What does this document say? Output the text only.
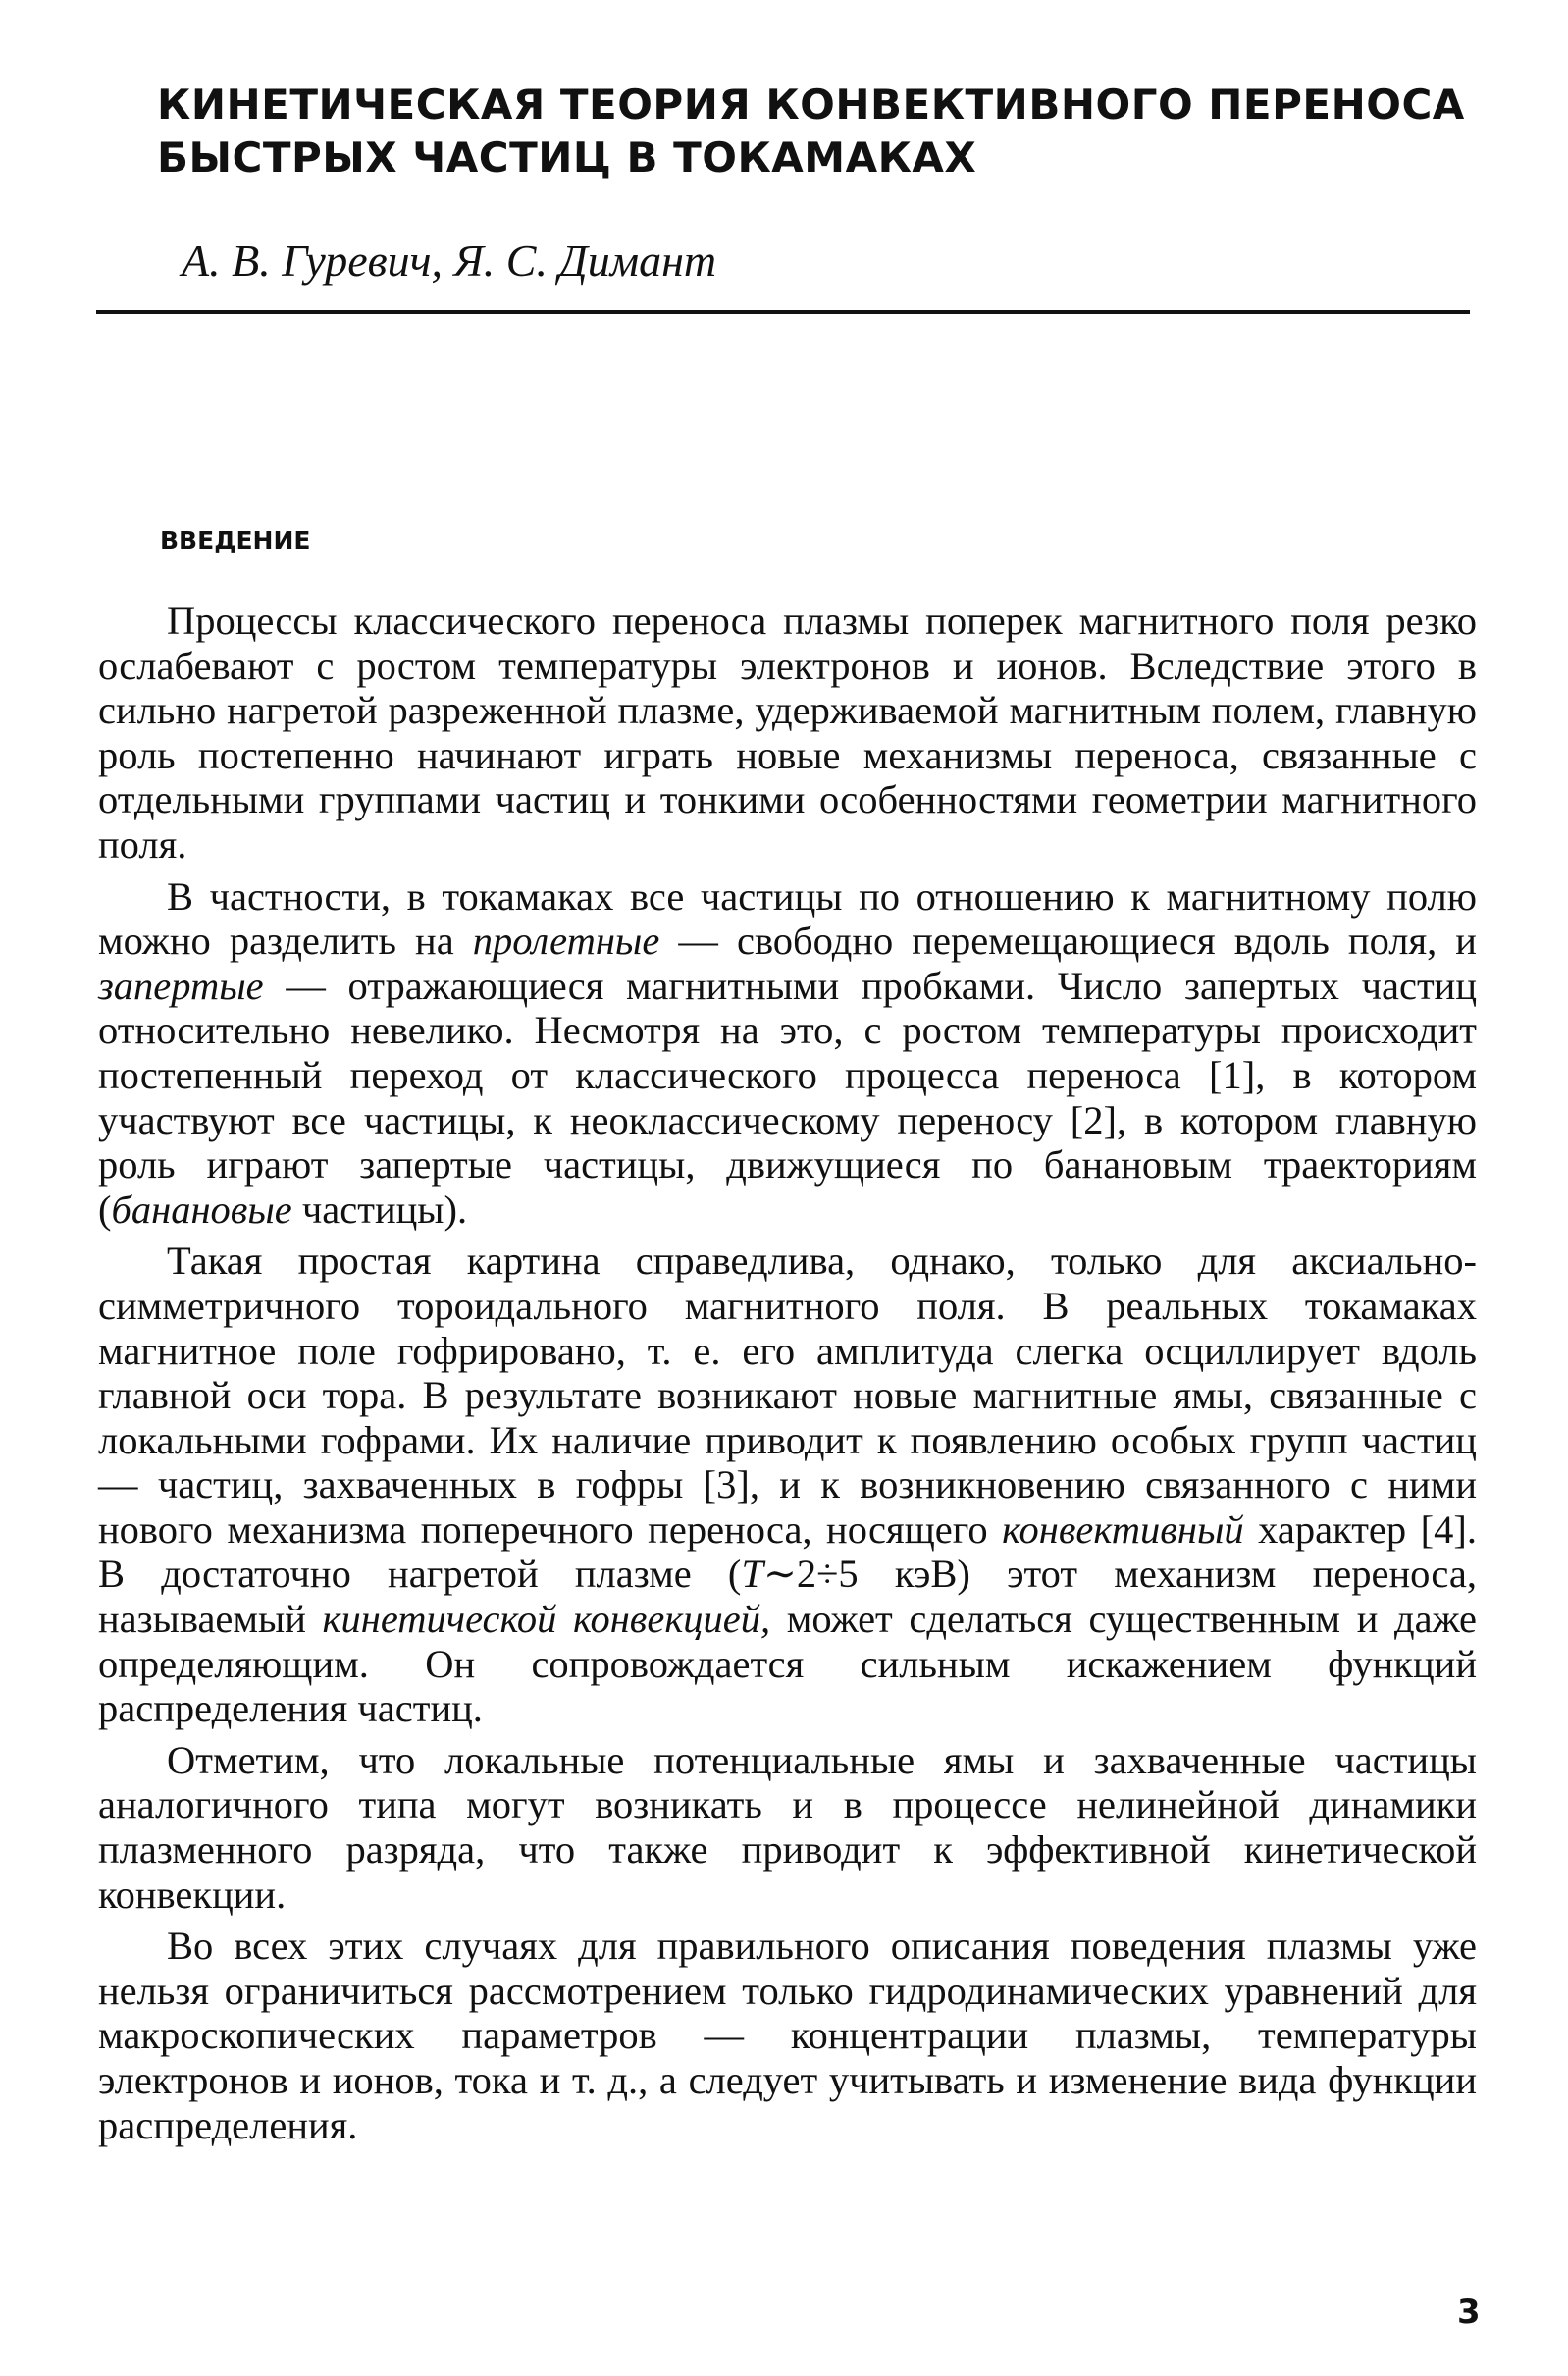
КИНЕТИЧЕСКАЯ ТЕОРИЯ КОНВЕКТИВНОГО ПЕРЕНОСА
БЫСТРЫХ ЧАСТИЦ В ТОКАМАКАХ

А. В. Гуревич, Я. С. Димант

ВВЕДЕНИЕ

Процессы классического переноса плазмы поперек магнитного поля резко ослабевают с ростом температуры электронов и ионов. Вследствие этого в сильно нагретой разреженной плазме, удерживаемой магнитным полем, главную роль постепенно начинают играть новые механизмы переноса, связанные с отдельными группами частиц и тонкими особенностями геометрии магнитного поля.

В частности, в токамаках все частицы по отношению к магнитному полю можно разделить на пролетные — свободно перемещающиеся вдоль поля, и запертые — отражающиеся магнитными пробками. Число запертых частиц относительно невелико. Несмотря на это, с ростом температуры происходит постепенный переход от классического процесса переноса [1], в котором участвуют все частицы, к неоклассическому переносу [2], в котором главную роль играют запертые частицы, движущиеся по банановым траекториям (банановые частицы).

Такая простая картина справедлива, однако, только для аксиально-симметричного тороидального магнитного поля. В реальных токамаках магнитное поле гофрировано, т. е. его амплитуда слегка осциллирует вдоль главной оси тора. В результате возникают новые магнитные ямы, связанные с локальными гофрами. Их наличие приводит к появлению особых групп частиц — частиц, захваченных в гофры [3], и к возникновению связанного с ними нового механизма поперечного переноса, носящего конвективный характер [4]. В достаточно нагретой плазме (T∼2÷5 кэВ) этот механизм переноса, называемый кинетической конвекцией, может сделаться существенным и даже определяющим. Он сопровождается сильным искажением функций распределения частиц.

Отметим, что локальные потенциальные ямы и захваченные частицы аналогичного типа могут возникать и в процессе нелинейной динамики плазменного разряда, что также приводит к эффективной кинетической конвекции.

Во всех этих случаях для правильного описания поведения плазмы уже нельзя ограничиться рассмотрением только гидродинамических уравнений для макроскопических параметров — концентрации плазмы, температуры электронов и ионов, тока и т. д., а следует учитывать и изменение вида функции распределения.

3
